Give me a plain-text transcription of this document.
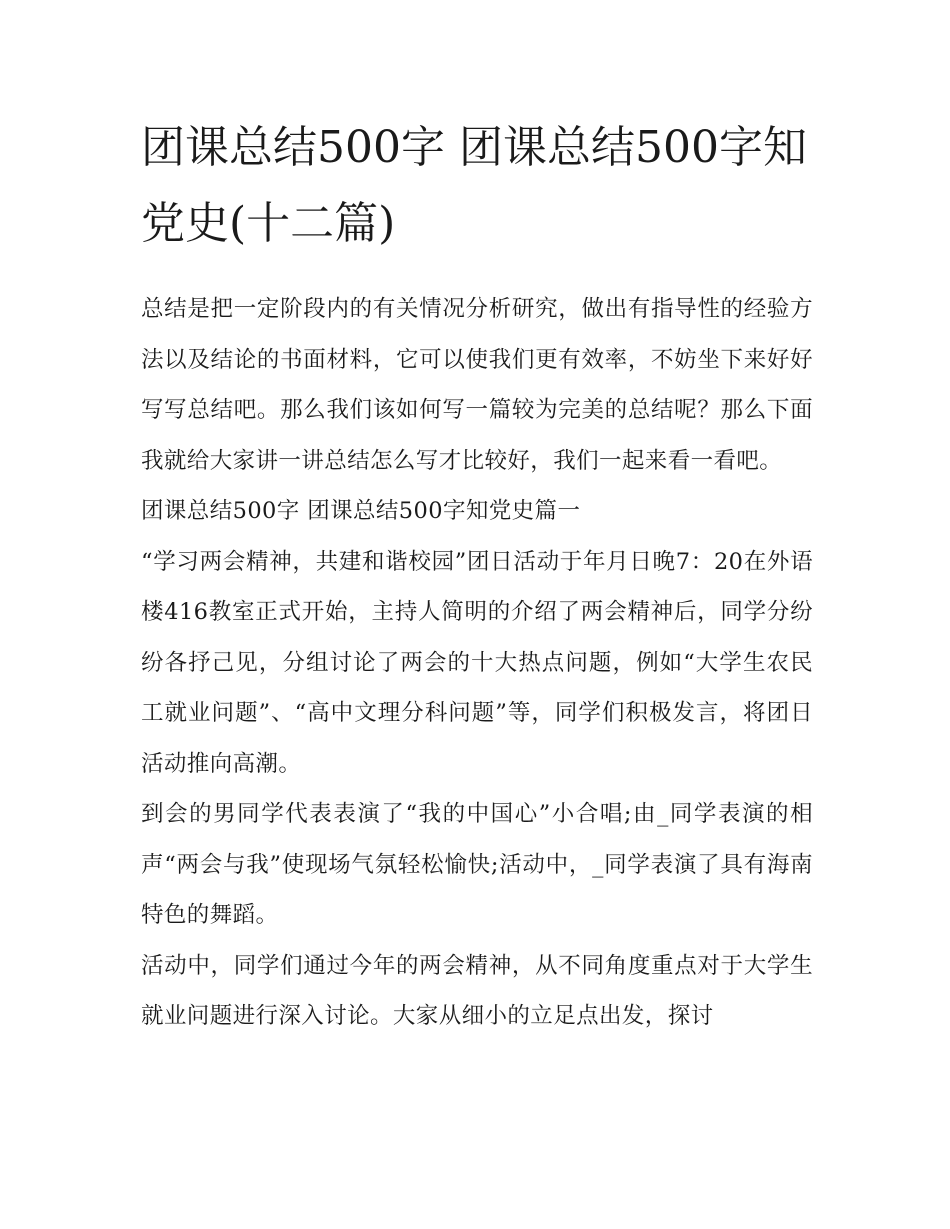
团课总结500字 团课总结500字知党史(十二篇)

总结是把一定阶段内的有关情况分析研究，做出有指导性的经验方法以及结论的书面材料，它可以使我们更有效率，不妨坐下来好好写写总结吧。那么我们该如何写一篇较为完美的总结呢？那么下面我就给大家讲一讲总结怎么写才比较好，我们一起来看一看吧。

团课总结500字 团课总结500字知党史篇一

“学习两会精神，共建和谐校园”团日活动于年月日晚7：20在外语楼416教室正式开始，主持人简明的介绍了两会精神后，同学分纷纷各抒己见，分组讨论了两会的十大热点问题，例如“大学生农民工就业问题”、“高中文理分科问题”等，同学们积极发言，将团日活动推向高潮。

到会的男同学代表表演了“我的中国心”小合唱;由_同学表演的相声“两会与我”使现场气氛轻松愉快;活动中，_同学表演了具有海南特色的舞蹈。

活动中，同学们通过今年的两会精神，从不同角度重点对于大学生就业问题进行深入讨论。大家从细小的立足点出发，探讨
